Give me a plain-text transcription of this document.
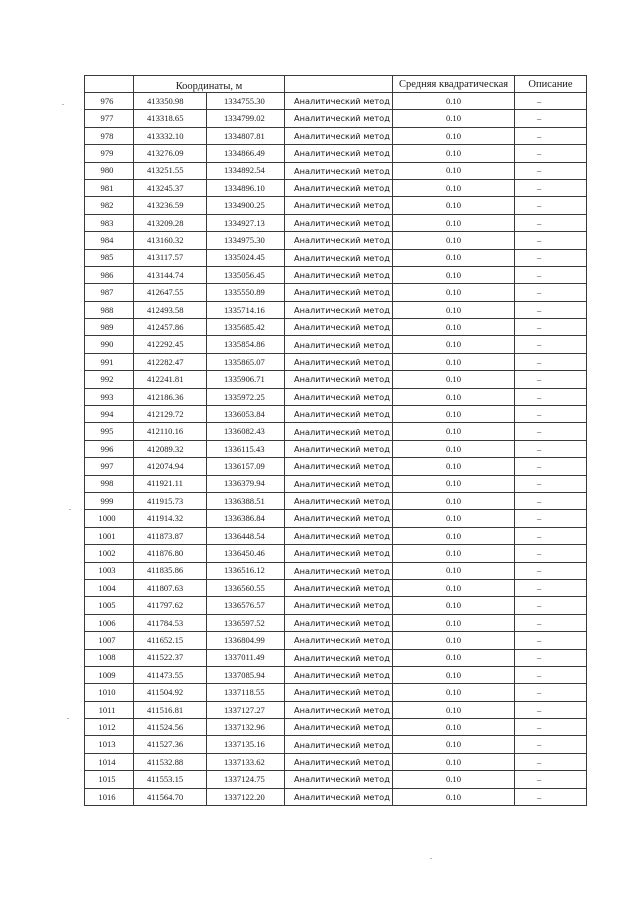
	Координаты, м			Средняя квадратическая	Описание
976	413350.98	1334755.30	Аналитический метод	0.10	–
977	413318.65	1334799.02	Аналитический метод	0.10	–
978	413332.10	1334807.81	Аналитический метод	0.10	–
979	413276.09	1334866.49	Аналитический метод	0.10	–
980	413251.55	1334892.54	Аналитический метод	0.10	–
981	413245.37	1334896.10	Аналитический метод	0.10	–
982	413236.59	1334900.25	Аналитический метод	0.10	–
983	413209.28	1334927.13	Аналитический метод	0.10	–
984	413160.32	1334975.30	Аналитический метод	0.10	–
985	413117.57	1335024.45	Аналитический метод	0.10	–
986	413144.74	1335056.45	Аналитический метод	0.10	–
987	412647.55	1335550.89	Аналитический метод	0.10	–
988	412493.58	1335714.16	Аналитический метод	0.10	–
989	412457.86	1335685.42	Аналитический метод	0.10	–
990	412292.45	1335854.86	Аналитический метод	0.10	–
991	412282.47	1335865.07	Аналитический метод	0.10	–
992	412241.81	1335906.71	Аналитический метод	0.10	–
993	412186.36	1335972.25	Аналитический метод	0.10	–
994	412129.72	1336053.84	Аналитический метод	0.10	–
995	412110.16	1336082.43	Аналитический метод	0.10	–
996	412089.32	1336115.43	Аналитический метод	0.10	–
997	412074.94	1336157.09	Аналитический метод	0.10	–
998	411921.11	1336379.94	Аналитический метод	0.10	–
999	411915.73	1336388.51	Аналитический метод	0.10	–
1000	411914.32	1336386.84	Аналитический метод	0.10	–
1001	411873.87	1336448.54	Аналитический метод	0.10	–
1002	411876.80	1336450.46	Аналитический метод	0.10	–
1003	411835.86	1336516.12	Аналитический метод	0.10	–
1004	411807.63	1336560.55	Аналитический метод	0.10	–
1005	411797.62	1336576.57	Аналитический метод	0.10	–
1006	411784.53	1336597.52	Аналитический метод	0.10	–
1007	411652.15	1336804.99	Аналитический метод	0.10	–
1008	411522.37	1337011.49	Аналитический метод	0.10	–
1009	411473.55	1337085.94	Аналитический метод	0.10	–
1010	411504.92	1337118.55	Аналитический метод	0.10	–
1011	411516.81	1337127.27	Аналитический метод	0.10	–
1012	411524.56	1337132.96	Аналитический метод	0.10	–
1013	411527.36	1337135.16	Аналитический метод	0.10	–
1014	411532.88	1337133.62	Аналитический метод	0.10	–
1015	411553.15	1337124.75	Аналитический метод	0.10	–
1016	411564.70	1337122.20	Аналитический метод	0.10	–
